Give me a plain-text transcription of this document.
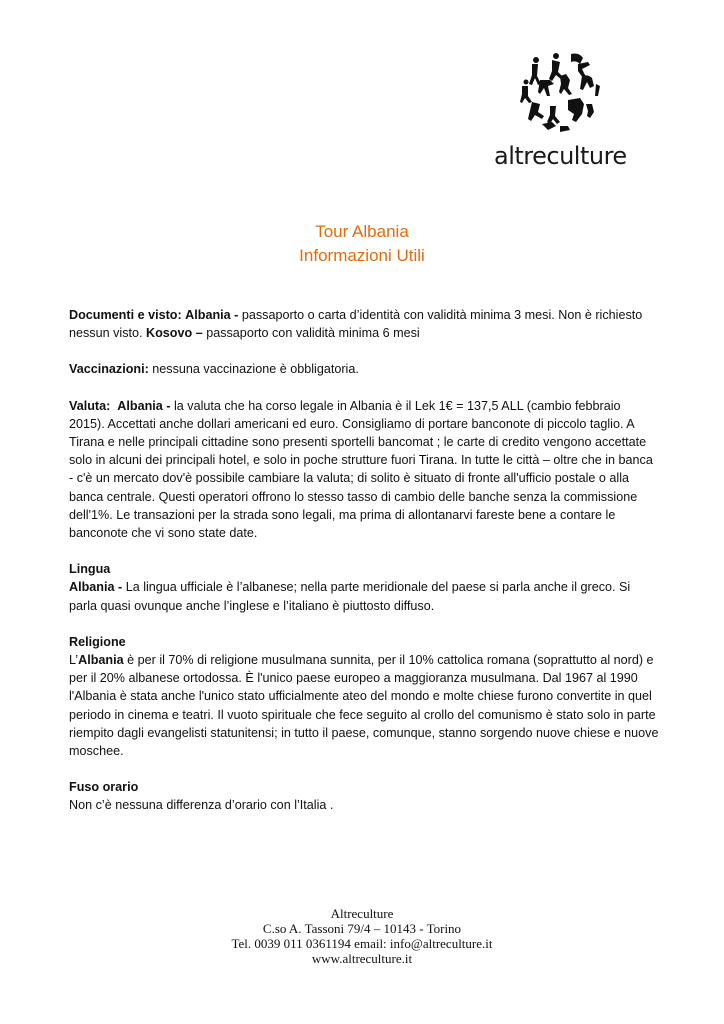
altreculture
Tour Albania
Informazioni Utili

Documenti e visto: Albania - passaporto o carta d’identità con validità minima 3 mesi. Non è richiesto nessun visto. Kosovo – passaporto con validità minima 6 mesi

Vaccinazioni: nessuna vaccinazione è obbligatoria.

Valuta: Albania - la valuta che ha corso legale in Albania è il Lek 1€ = 137,5 ALL (cambio febbraio 2015). Accettati anche dollari americani ed euro. Consigliamo di portare banconote di piccolo taglio. A Tirana e nelle principali cittadine sono presenti sportelli bancomat ; le carte di credito vengono accettate solo in alcuni dei principali hotel, e solo in poche strutture fuori Tirana. In tutte le città – oltre che in banca - c'è un mercato dov'è possibile cambiare la valuta; di solito è situato di fronte all'ufficio postale o alla banca centrale. Questi operatori offrono lo stesso tasso di cambio delle banche senza la commissione dell'1%. Le transazioni per la strada sono legali, ma prima di allontanarvi fareste bene a contare le banconote che vi sono state date.

Lingua
Albania - La lingua ufficiale è l’albanese; nella parte meridionale del paese si parla anche il greco. Si parla quasi ovunque anche l’inglese e l’italiano è piuttosto diffuso.

Religione
L’Albania è per il 70% di religione musulmana sunnita, per il 10% cattolica romana (soprattutto al nord) e per il 20% albanese ortodossa. È l'unico paese europeo a maggioranza musulmana. Dal 1967 al 1990 l'Albania è stata anche l'unico stato ufficialmente ateo del mondo e molte chiese furono convertite in quel periodo in cinema e teatri. Il vuoto spirituale che fece seguito al crollo del comunismo è stato solo in parte riempito dagli evangelisti statunitensi; in tutto il paese, comunque, stanno sorgendo nuove chiese e nuove moschee.

Fuso orario
Non c’è nessuna differenza d’orario con l’Italia .

Altreculture
C.so A. Tassoni 79/4 – 10143 - Torino
Tel. 0039 011 0361194 email: info@altreculture.it
www.altreculture.it
